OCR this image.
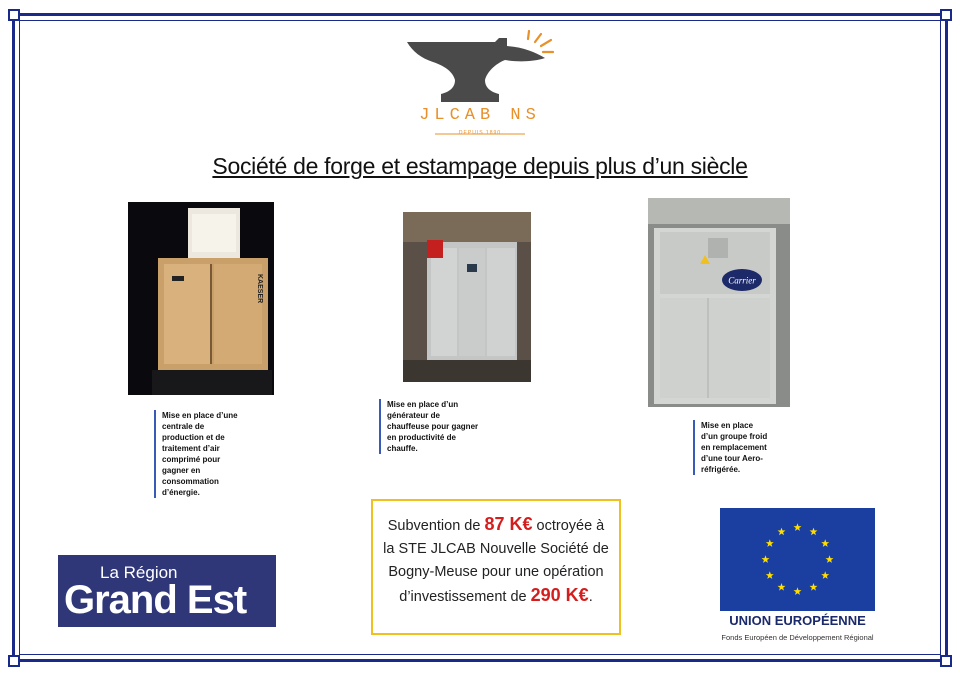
JLCAB NS
DEPUIS 1890
Société de forge et estampage depuis plus d’un siècle
KAESER	Carrier
Mise en place d’une
centrale de
production et de
traitement d’air
comprimé pour
gagner en
consommation
d’énergie.
Mise en place d’un
générateur de
chauffeuse pour gagner
en productivité de
chauffe.
Mise en place
d’un groupe froid
en remplacement
d’une tour Aero-
réfrigérée.
Subvention de 87 K€ octroyée à la STE JLCAB Nouvelle Société de Bogny-Meuse pour une opération d’investissement de 290 K€.
La Région
Grand Est	UNION EUROPÉENNE
Fonds Européen de Développement Régional
